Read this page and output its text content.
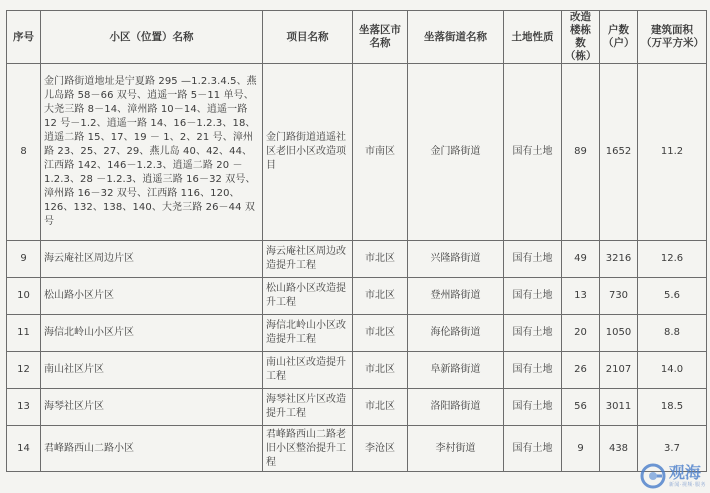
序号	小区（位置）名称	项目名称	坐落区市名称	坐落街道名称	土地性质	改造楼栋数（栋）	户数（户）	建筑面积（万平方米）
8	金门路街道地址是宁夏路 295 —1.2.3.4.5、燕儿岛路 58－66 双号、逍遥一路 5－11 单号、大尧三路 8－14、漳州路 10－14、逍遥一路 12 号－1.2、逍遥一路 14、16－1.2.3、18、逍遥二路 15、17、19 － 1、2、21 号、漳州路 23、25、27、29、燕儿岛 40、42、44、江西路 142、146－1.2.3、逍遥二路 20 － 1.2.3、28 －1.2.3、逍遥三路 16－32 双号、漳州路 16－32 双号、江西路 116、120、126、132、138、140、大尧三路 26－44 双号	金门路街道逍遥社区老旧小区改造项目	市南区	金门路街道	国有土地	89	1652	11.2
9	海云庵社区周边片区	海云庵社区周边改造提升工程	市北区	兴隆路街道	国有土地	49	3216	12.6
10	松山路小区片区	松山路小区改造提升工程	市北区	登州路街道	国有土地	13	730	5.6
11	海信北岭山小区片区	海信北岭山小区改造提升工程	市北区	海伦路街道	国有土地	20	1050	8.8
12	南山社区片区	南山社区改造提升工程	市北区	阜新路街道	国有土地	26	2107	14.0
13	海琴社区片区	海琴社区片区改造提升工程	市北区	洛阳路街道	国有土地	56	3011	18.5
14	君峰路西山二路小区	君峰路西山二路老旧小区整治提升工程	李沧区	李村街道	国有土地	9	438	3.7
观海
新闻·视频·服务
